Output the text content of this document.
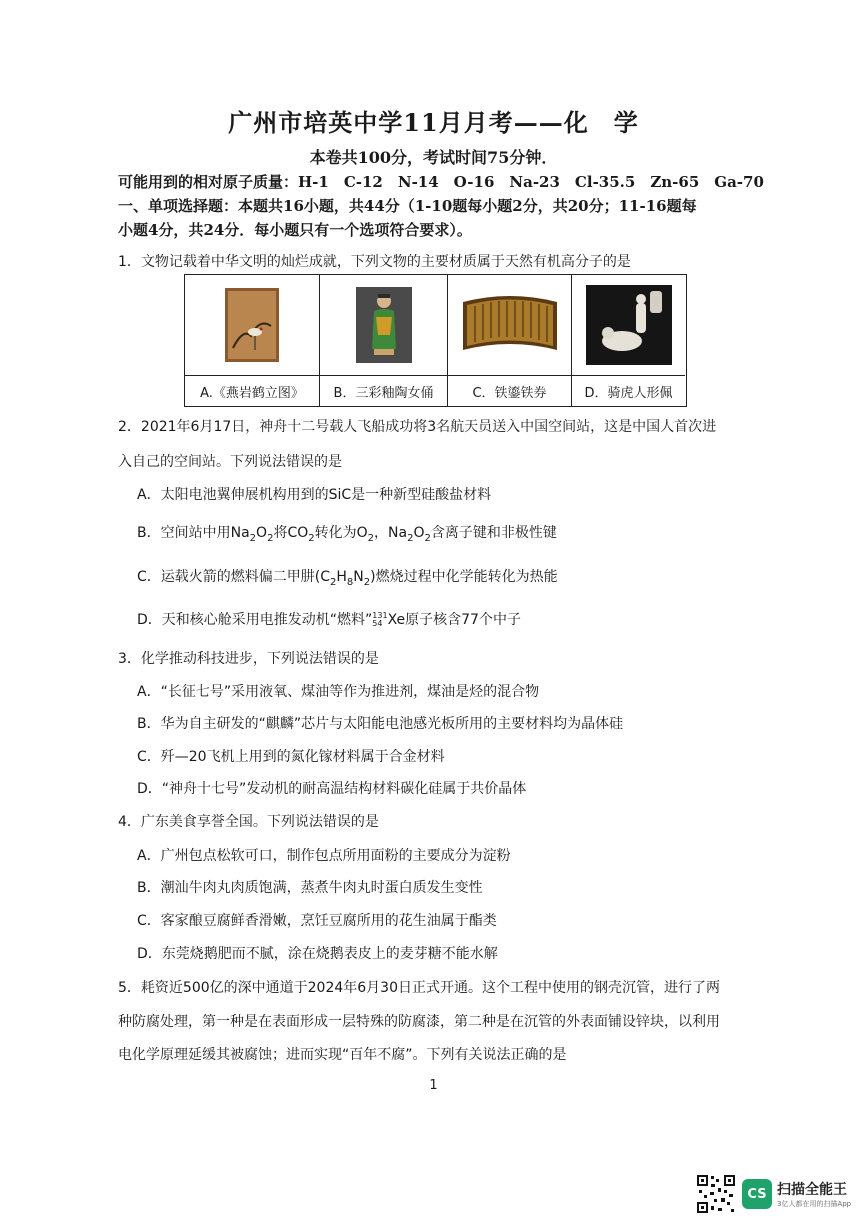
广州市培英中学11月月考——化　学
本卷共100分，考试时间75分钟．
可能用到的相对原子质量：H-1　C-12　N-14　O-16　Na-23　Cl-35.5　Zn-65　Ga-70
一、单项选择题：本题共16小题，共44分（1-10题每小题2分，共20分；11-16题每
小题4分，共24分．每小题只有一个选项符合要求）。
1．文物记载着中华文明的灿烂成就，下列文物的主要材质属于天然有机高分子的是
A.《燕岩鹤立图》	B．三彩釉陶女俑	C．铁鎏铁券	D．骑虎人形佩
2．2021年6月17日，神舟十二号载人飞船成功将3名航天员送入中国空间站，这是中国人首次进
入自己的空间站。下列说法错误的是
A．太阳电池翼伸展机构用到的SiC是一种新型硅酸盐材料
B．空间站中用$Na_2O_2$将$CO_2$转化为$O_2$，$Na_2O_2$含离子键和非极性键
C．运载火箭的燃料偏二甲肼$(C_2H_8N_2)$燃烧过程中化学能转化为热能
D．天和核心舱采用电推发动机“燃料” 131
54 Xe原子核含77个中子
3．化学推动科技进步，下列说法错误的是
A．“长征七号”采用液氧、煤油等作为推进剂，煤油是烃的混合物
B．华为自主研发的“麒麟”芯片与太阳能电池感光板所用的主要材料均为晶体硅
C．歼—20飞机上用到的氮化镓材料属于合金材料
D．“神舟十七号”发动机的耐高温结构材料碳化硅属于共价晶体
4．广东美食享誉全国。下列说法错误的是
A．广州包点松软可口，制作包点所用面粉的主要成分为淀粉
B．潮汕牛肉丸肉质饱满，蒸煮牛肉丸时蛋白质发生变性
C．客家酿豆腐鲜香滑嫩，烹饪豆腐所用的花生油属于酯类
D．东莞烧鹅肥而不腻，涂在烧鹅表皮上的麦芽糖不能水解
5．耗资近500亿的深中通道于2024年6月30日正式开通。这个工程中使用的钢壳沉管，进行了两
种防腐处理，第一种是在表面形成一层特殊的防腐漆，第二种是在沉管的外表面铺设锌块，以利用
电化学原理延缓其被腐蚀；进而实现“百年不腐”。下列有关说法正确的是
1
CS 扫描全能王
3亿人都在用的扫描App
